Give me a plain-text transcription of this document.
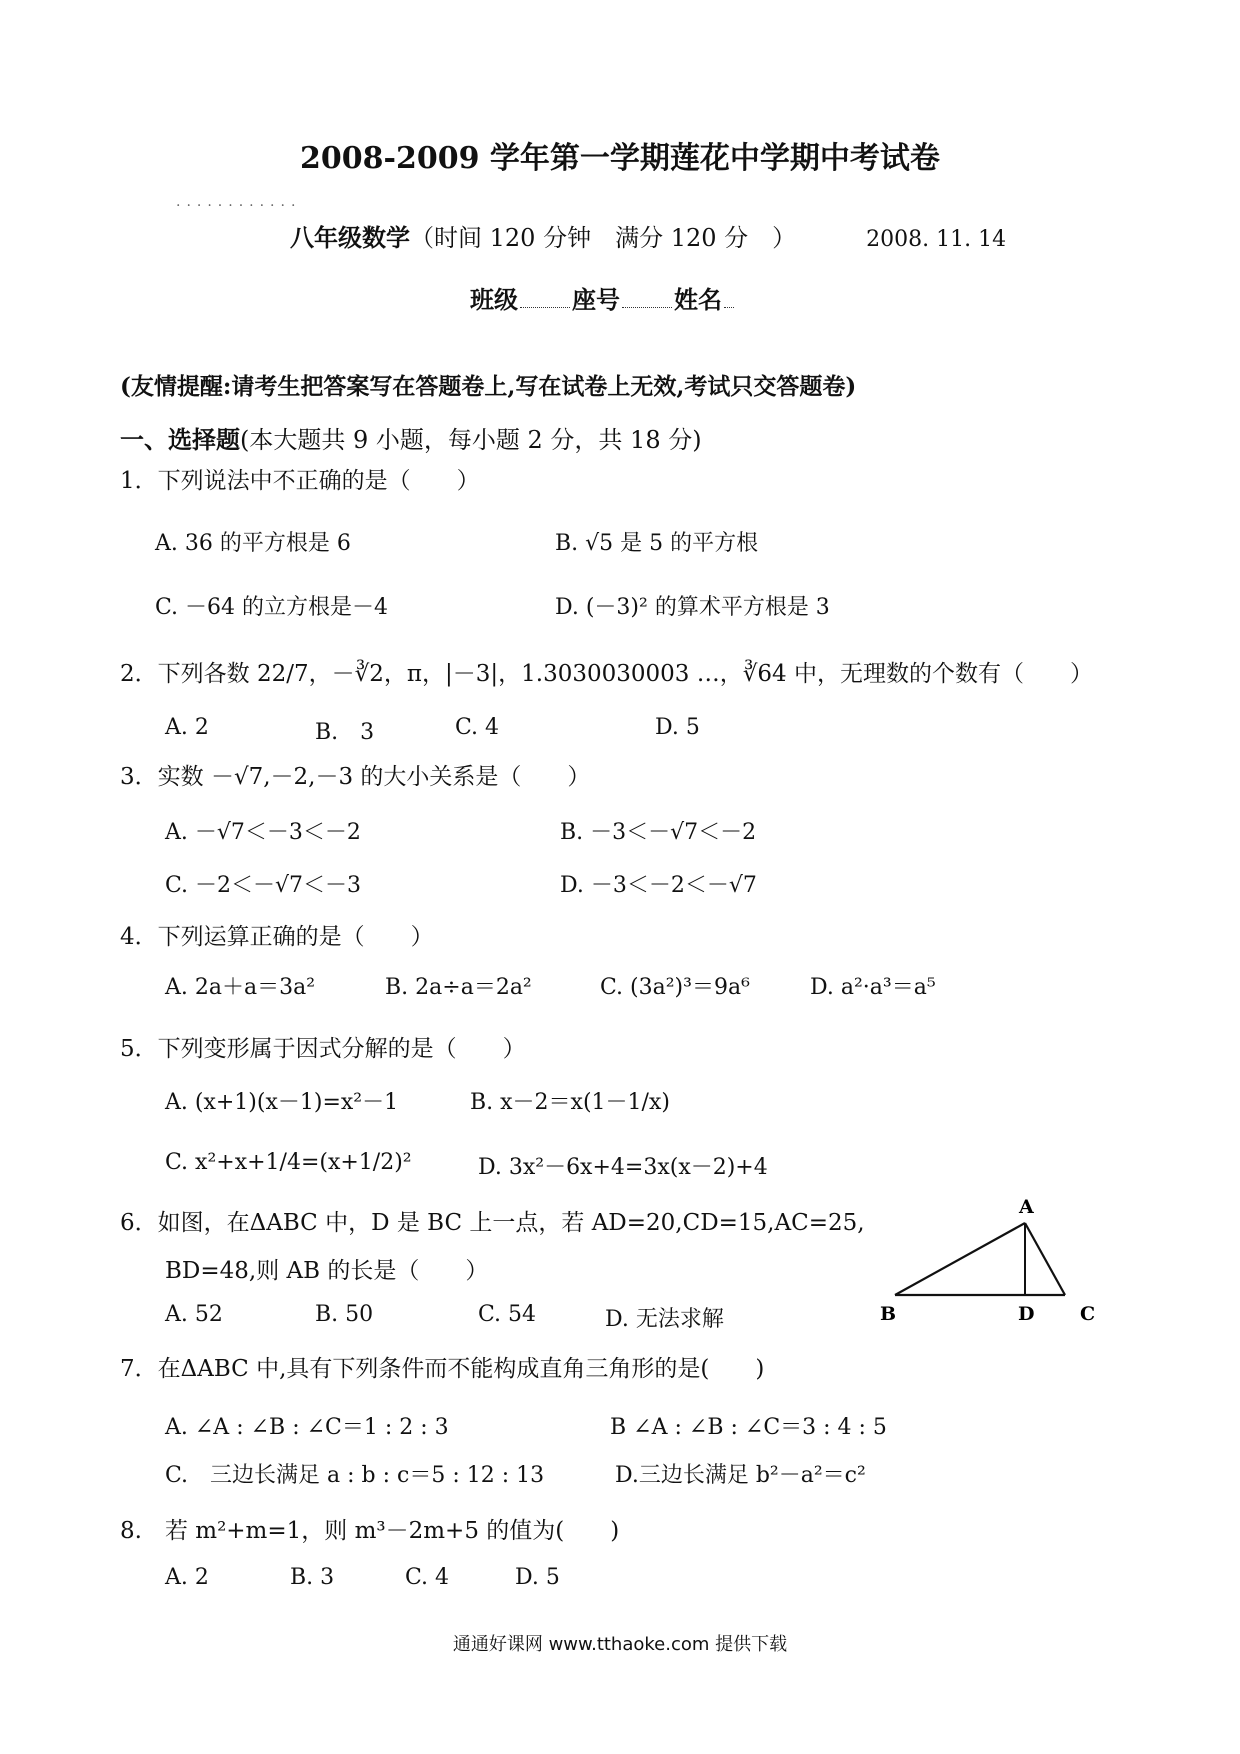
2008-2009 学年第一学期莲花中学期中考试卷
............
八年级数学（时间 120 分钟　满分 120 分　）	2008. 11. 14
班级 座号 姓名
(友情提醒:请考生把答案写在答题卷上,写在试卷上无效,考试只交答题卷)
一、选择题(本大题共 9 小题，每小题 2 分，共 18 分)
1．下列说法中不正确的是（　　）
A. 36 的平方根是 6	B. √5 是 5 的平方根
C. －64 的立方根是－4	D. (－3)² 的算术平方根是 3
2．下列各数 22/7，－∛2，π，|－3|，1.3030030003 …，∛64 中，无理数的个数有（　　）
A. 2	B.　3	C. 4	D. 5
3．实数 －√7,－2,－3 的大小关系是（　　）
A. －√7＜－3＜－2	B. －3＜－√7＜－2
C. －2＜－√7＜－3	D. －3＜－2＜－√7
4．下列运算正确的是（　　）
A. 2a＋a＝3a²	B. 2a÷a＝2a²	C. (3a²)³＝9a⁶	D. a²·a³＝a⁵
5．下列变形属于因式分解的是（　　）
A. (x+1)(x－1)=x²－1	B. x－2＝x(1－1/x)
C. x²+x+1/4=(x+1/2)²	D. 3x²－6x+4=3x(x－2)+4
6．如图，在ΔABC 中，D 是 BC 上一点，若 AD=20,CD=15,AC=25,
BD=48,则 AB 的长是（　　）
A. 52	B. 50	C. 54	D. 无法求解
A
B	D C
7．在ΔABC 中,具有下列条件而不能构成直角三角形的是(　　)
A. ∠A : ∠B : ∠C＝1 : 2 : 3	B ∠A : ∠B : ∠C＝3 : 4 : 5
C.　三边长满足 a : b : c＝5 : 12 : 13	D.三边长满足 b²－a²＝c²
8.　若 m²+m=1，则 m³－2m+5 的值为(　　)
A. 2	B. 3	C. 4	D. 5
通通好课网 www.tthaoke.com 提供下载
